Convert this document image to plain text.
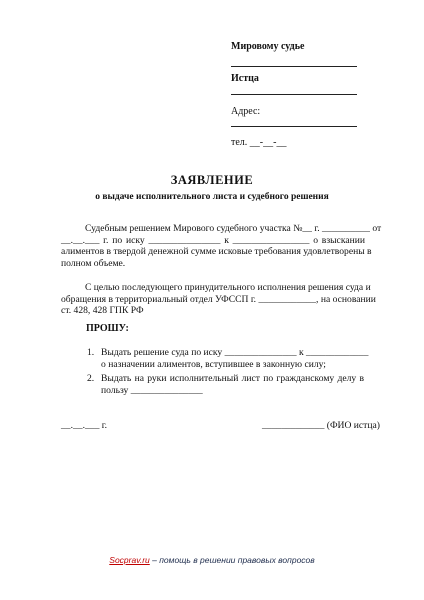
Мировому судье
Истца
Адрес:
тел. __-__-__
ЗАЯВЛЕНИЕ
о выдаче исполнительного листа и судебного решения
Судебным решением Мирового судебного участка №__ г. __________ от
__.__.___ г. по иску _______________ к ________________ о взыскании
алиментов в твердой денежной сумме исковые требования удовлетворены в
полном объеме.
С целью последующего принудительного исполнения решения суда и
обращения в территориальный отдел УФССП г. ____________, на основании
ст. 428, 428 ГПК РФ
ПРОШУ:
1. Выдать решение суда по иску _______________ к _____________
о назначении алиментов, вступившее в законную силу;
2. Выдать на руки исполнительный лист по гражданскому делу в
пользу _______________
__.__.___ г.	_____________ (ФИО истца)
Socprav.ru – помощь в решении правовых вопросов
